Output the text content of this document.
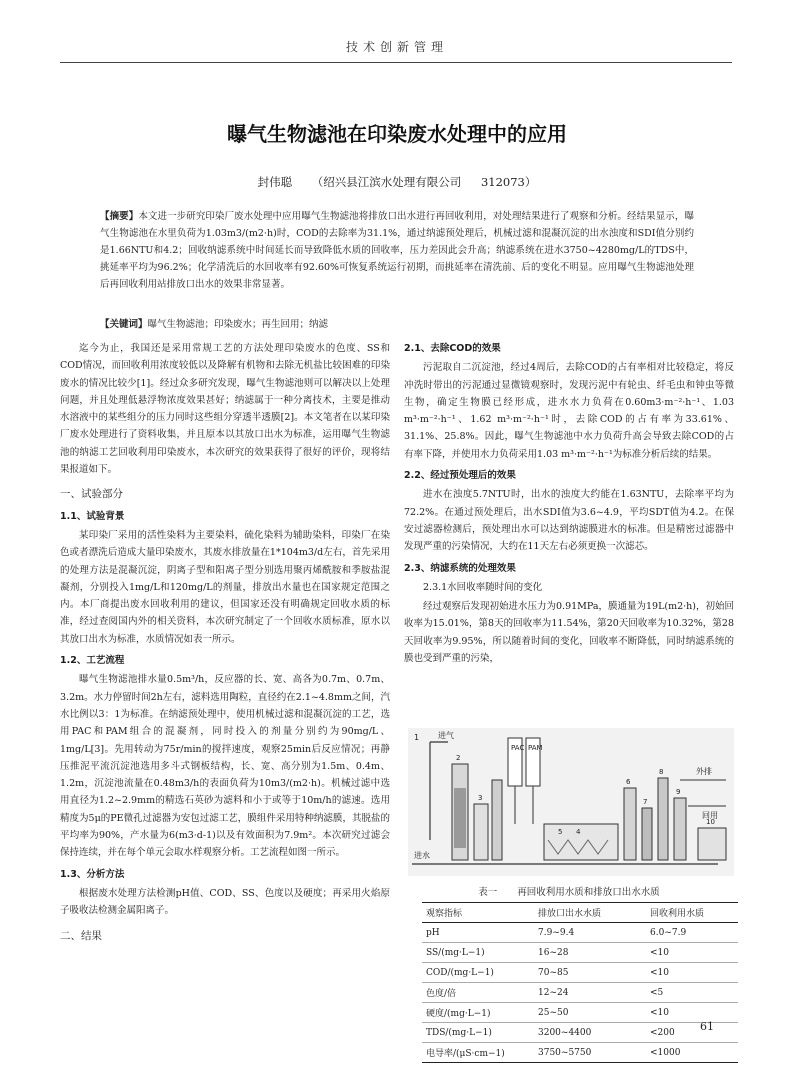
技术创新管理
曝气生物滤池在印染废水处理中的应用
封伟聪 （绍兴县江滨水处理有限公司 312073）
【摘要】本文进一步研究印染厂废水处理中应用曝气生物滤池将排放口出水进行再回收利用，对处理结果进行了观察和分析。经结果显示，曝气生物滤池在水里负荷为1.03m3/(m2·h)时，COD的去除率为31.1%，通过纳滤预处理后，机械过滤和混凝沉淀的出水浊度和SDI值分别约是1.66NTU和4.2；回收纳滤系统中时间延长而导致降低水质的回收率，压力差因此会升高；纳滤系统在进水3750~4280mg/L的TDS中，挑延率平均为96.2%；化学清洗后的水回收率有92.60%可恢复系统运行初期，而挑延率在清洗前、后的变化不明显。应用曝气生物滤池处理后再回收利用站排放口出水的效果非常显著。
【关键词】曝气生物滤池；印染废水；再生回用；纳滤

迄今为止，我国还是采用常规工艺的方法处理印染废水的色度、SS和COD情况，而回收利用浓度较低以及降解有机物和去除无机盐比较困难的印染废水的情况比较少[1]。经过众多研究发现，曝气生物滤池则可以解决以上处理问题，并且处理低悬浮物浓度效果甚好；纳滤属于一种分离技术，主要是推动水溶液中的某些组分的压力同时这些组分穿透半透膜[2]。本文笔者在以某印染厂废水处理进行了资料收集，并且原本以其放口出水为标准，运用曝气生物滤池的纳滤工艺回收利用印染废水，本次研究的效果获得了很好的评价，现将结果报道如下。

一、试验部分
1.1、试验背景

某印染厂采用的活性染料为主要染料，硫化染料为辅助染料，印染厂在染色或者漂洗后造成大量印染废水，其废水排放量在1*104m3/d左右，首先采用的处理方法是混凝沉淀，阴离子型和阳离子型分别选用聚丙烯酰胺和季胺盐混凝剂，分别投入1mg/L和120mg/L的剂量，排放出水量也在国家规定范围之内。本厂商提出废水回收利用的建议，但国家还没有明确规定回收水质的标准，经过查阅国内外的相关资料，本次研究制定了一个回收水质标准，原水以其放口出水为标准，水质情况如表一所示。

1.2、工艺流程

曝气生物滤池排水量0.5m³/h，反应器的长、宽、高各为0.7m、0.7m、3.2m。水力停留时间2h左右，滤料选用陶粒，直径约在2.1~4.8mm之间，汽水比例以3：1为标准。在纳滤预处理中，使用机械过滤和混凝沉淀的工艺，选用PAC和PAM组合的混凝剂，同时投入的剂量分别约为90mg/L、1mg/L[3]。先用转动为75r/min的搅拌速度，观察25min后反应情况；再静压推泥平流沉淀池选用多斗式钢板结构，长、宽、高分别为1.5m、0.4m、1.2m，沉淀池流量在0.48m3/h的表面负荷为10m3/(m2·h)。机械过滤中选用直径为1.2~2.9mm的精选石英砂为滤料和小于或等于10m/h的滤速。选用精度为5μ的PE微孔过滤器为安包过滤工艺，膜组件采用特种纳滤膜，其脱盐的平均率为90%，产水量为6(m3·d-1)以及有效面积为7.9m²。本次研究过滤会保持连续，并在每个单元会取水样观察分析。工艺流程如图一所示。

1.3、分析方法

根据废水处理方法检测pH值、COD、SS、色度以及硬度；再采用火焰原子吸收法检测金属阳离子。

二、结果
2.1、去除COD的效果

污泥取自二沉淀池，经过4周后，去除COD的占有率相对比较稳定，将反冲洗时带出的污泥通过显微镜观察时，发现污泥中有轮虫、纤毛虫和钟虫等微生物，确定生物膜已经形成，进水水力负荷在0.60m3·m⁻²·h⁻¹、1.03 m³·m⁻²·h⁻¹、1.62 m³·m⁻²·h⁻¹时，去除COD的占有率为33.61%、31.1%、25.8%。因此，曝气生物滤池中水力负荷升高会导致去除COD的占有率下降，并使用水力负荷采用1.03 m³·m⁻²·h⁻¹为标准分析后续的结果。

2.2、经过预处理后的效果

进水在浊度5.7NTU时，出水的浊度大约能在1.63NTU，去除率平均为72.2%。在通过预处理后，出水SDI值为3.6~4.9，平均SDT值为4.2。在保安过滤器检测后，预处理出水可以达到纳滤膜进水的标准。但是精密过滤器中发现严重的污染情况，大约在11天左右必须更换一次滤芯。

2.3、纳滤系统的处理效果
2.3.1水回收率随时间的变化

经过观察后发现初始进水压力为0.91MPa，膜通量为19L(m2·h)，初始回收率为15.01%，第8天的回收率为11.54%，第20天回收率为10.32%，第28天回收率为9.95%，所以随着时间的变化，回收率不断降低，同时纳滤系统的膜也受到严重的污染，

1 进气
2
3
PAC PAM
4
5
6
7
8
9
10
外排
回用
进水
表一 再回收利用水质和排放口出水水质
观察指标	排放口出水水质	回收利用水质
pH	7.9~9.4	6.0~7.9
SS/(mg·L−1)	16~28	<10
COD/(mg·L−1)	70~85	<10
色度/倍	12~24	<5
硬度/(mg·L−1)	25~50	<10
TDS/(mg·L−1)	3200~4400	<200
电导率/(μS·cm−1)	3750~5750	<1000
61
